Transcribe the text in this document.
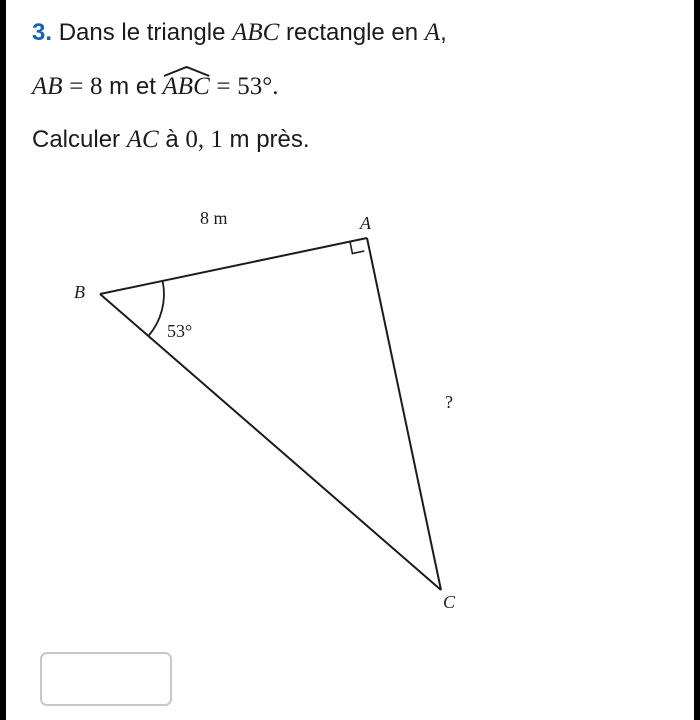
3. Dans le triangle ABC rectangle en A,
AB = 8 m et ABC = 53°.
Calculer AC à 0, 1 m près.
8 m	A
B
C
53°
?
